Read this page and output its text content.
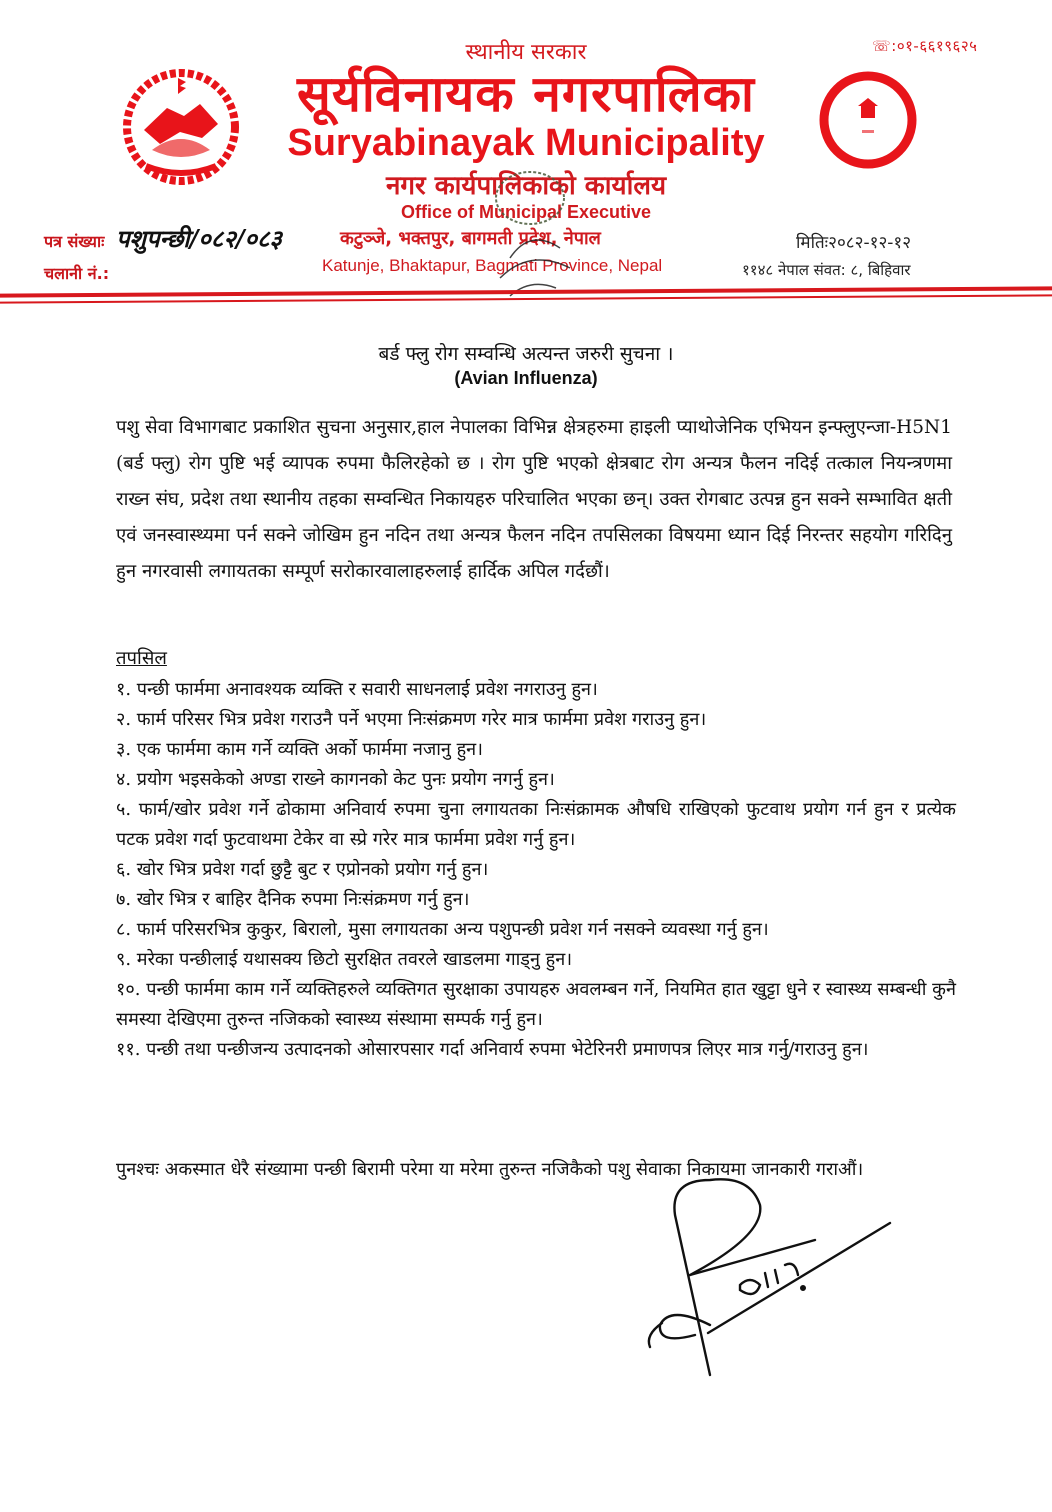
स्थानीय सरकार	☏:०१-६६१९६२५
सूर्यविनायक नगरपालिका
Suryabinayak Municipality
नगर कार्यपालिकाको कार्यालय
Office of Municipal Executive
कटुञ्जे, भक्तपुर, बागमती प्रदेश, नेपाल
Katunje, Bhaktapur, Bagmati Province, Nepal
पत्र संख्याः पशुपन्छी/०८२/०८३
चलानी नं.:
मितिः२०८२-१२-१२
११४८ नेपाल संवत: ८, बिहिवार
बर्ड फ्लु रोग सम्वन्धि अत्यन्त जरुरी सुचना ।
(Avian Influenza)
पशु सेवा विभागबाट प्रकाशित सुचना अनुसार,हाल नेपालका विभिन्न क्षेत्रहरुमा हाइली प्याथोजेनिक एभियन इन्फ्लुएन्जा-H5N1 (बर्ड फ्लु) रोग पुष्टि भई व्यापक रुपमा फैलिरहेको छ । रोग पुष्टि भएको क्षेत्रबाट रोग अन्यत्र फैलन नदिई तत्काल नियन्त्रणमा राख्न संघ, प्रदेश तथा स्थानीय तहका सम्वन्धित निकायहरु परिचालित भएका छन्। उक्त रोगबाट उत्पन्न हुन सक्ने सम्भावित क्षती एवं जनस्वास्थ्यमा पर्न सक्ने जोखिम हुन नदिन तथा अन्यत्र फैलन नदिन तपसिलका विषयमा ध्यान दिई निरन्तर सहयोग गरिदिनु हुन नगरवासी लगायतका सम्पूर्ण सरोकारवालाहरुलाई हार्दिक अपिल गर्दछौं।
तपसिल
१. पन्छी फार्ममा अनावश्यक व्यक्ति र सवारी साधनलाई प्रवेश नगराउनु हुन।
२. फार्म परिसर भित्र प्रवेश गराउनै पर्ने भएमा निःसंक्रमण गरेर मात्र फार्ममा प्रवेश गराउनु हुन।
३. एक फार्ममा काम गर्ने व्यक्ति अर्को फार्ममा नजानु हुन।
४. प्रयोग भइसकेको अण्डा राख्ने कागनको केट पुनः प्रयोग नगर्नु हुन।
५. फार्म/खोर प्रवेश गर्ने ढोकामा अनिवार्य रुपमा चुना लगायतका निःसंक्रामक औषधि राखिएको फुटवाथ प्रयोग गर्न हुन र प्रत्येक पटक प्रवेश गर्दा फुटवाथमा टेकेर वा स्प्रे गरेर मात्र फार्ममा प्रवेश गर्नु हुन।
६. खोर भित्र प्रवेश गर्दा छुट्टै बुट र एप्रोनको प्रयोग गर्नु हुन।
७. खोर भित्र र बाहिर दैनिक रुपमा निःसंक्रमण गर्नु हुन।
८. फार्म परिसरभित्र कुकुर, बिरालो, मुसा लगायतका अन्य पशुपन्छी प्रवेश गर्न नसक्ने व्यवस्था गर्नु हुन।
९. मरेका पन्छीलाई यथासक्य छिटो सुरक्षित तवरले खाडलमा गाड्नु हुन।
१०. पन्छी फार्ममा काम गर्ने व्यक्तिहरुले व्यक्तिगत सुरक्षाका उपायहरु अवलम्बन गर्ने, नियमित हात खुट्टा धुने र स्वास्थ्य सम्बन्धी कुनै समस्या देखिएमा तुरुन्त नजिकको स्वास्थ्य संस्थामा सम्पर्क गर्नु हुन।
११. पन्छी तथा पन्छीजन्य उत्पादनको ओसारपसार गर्दा अनिवार्य रुपमा भेटेरिनरी प्रमाणपत्र लिएर मात्र गर्नु/गराउनु हुन।
पुनश्चः अकस्मात धेरै संख्यामा पन्छी बिरामी परेमा या मरेमा तुरुन्त नजिकैको पशु सेवाका निकायमा जानकारी गराऔं।
